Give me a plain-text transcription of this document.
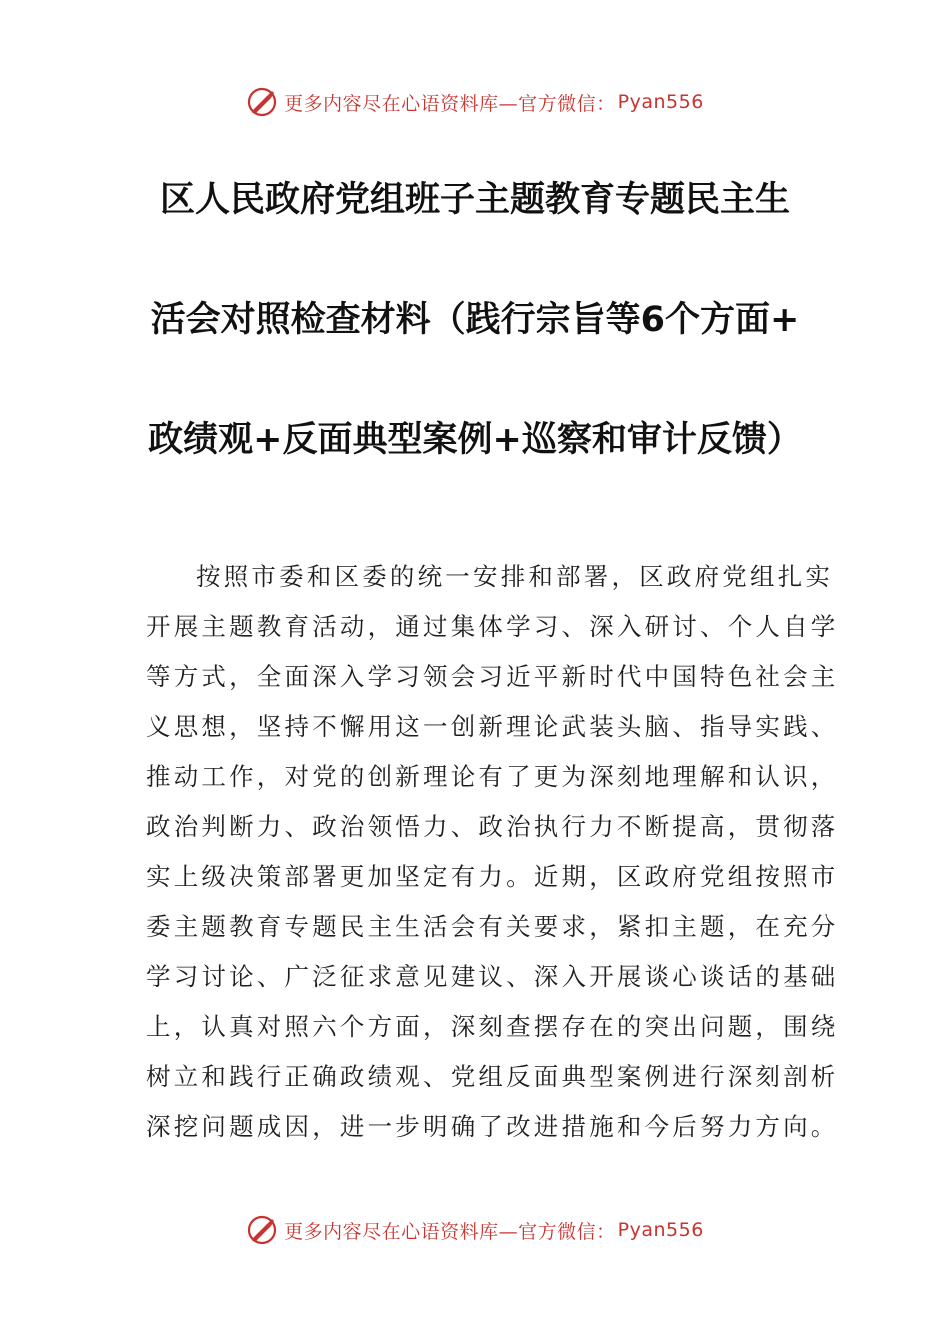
更多内容尽在心语资料库—官方微信： Pyan556
区人民政府党组班子主题教育专题民主生
活会对照检查材料（践行宗旨等6个方面+
政绩观+反面典型案例+巡察和审计反馈）
按照市委和区委的统一安排和部署，区政府党组扎实
开展主题教育活动，通过集体学习、深入研讨、个人自学
等方式，全面深入学习领会习近平新时代中国特色社会主
义思想，坚持不懈用这一创新理论武装头脑、指导实践、
推动工作，对党的创新理论有了更为深刻地理解和认识，
政治判断力、政治领悟力、政治执行力不断提高，贯彻落
实上级决策部署更加坚定有力。近期，区政府党组按照市
委主题教育专题民主生活会有关要求，紧扣主题，在充分
学习讨论、广泛征求意见建议、深入开展谈心谈话的基础
上，认真对照六个方面，深刻查摆存在的突出问题，围绕
树立和践行正确政绩观、党组反面典型案例进行深刻剖析
深挖问题成因，进一步明确了改进措施和今后努力方向。
更多内容尽在心语资料库—官方微信： Pyan556
